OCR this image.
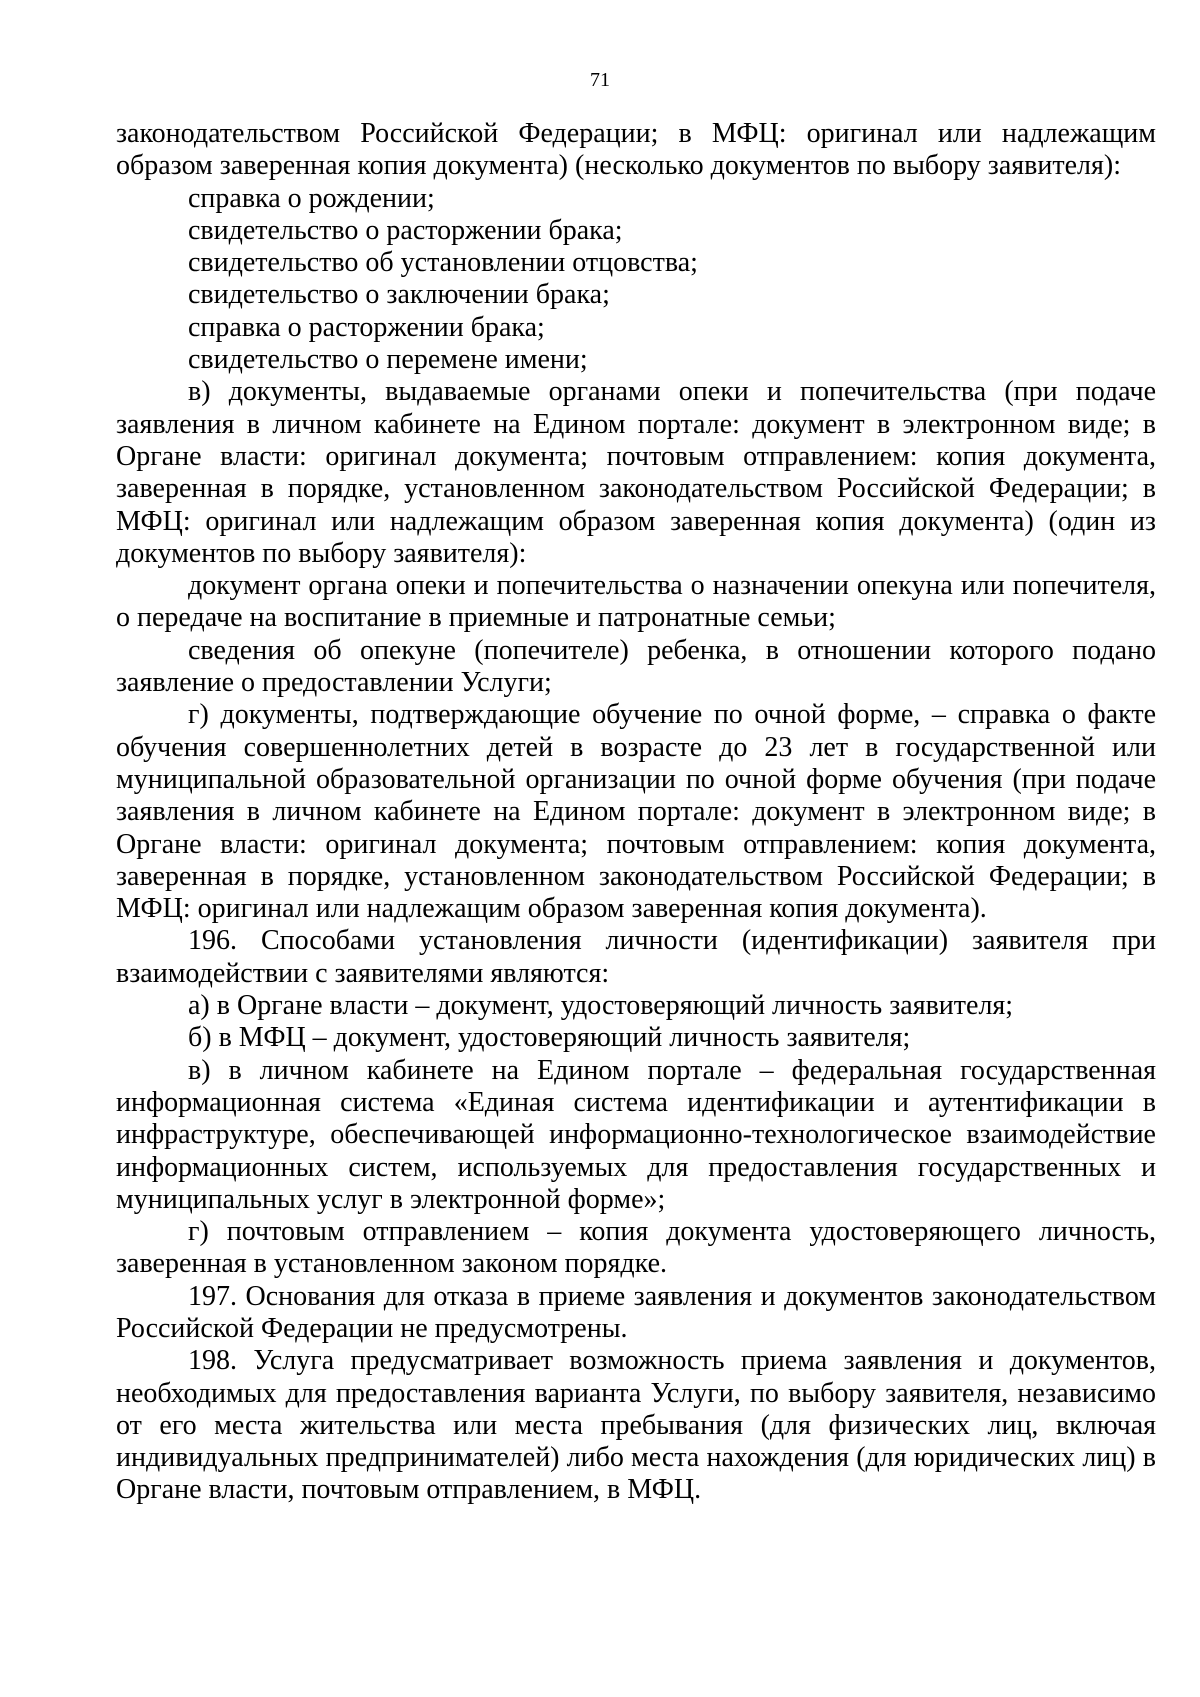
71

законодательством Российской Федерации; в МФЦ: оригинал или надлежащим образом заверенная копия документа) (несколько документов по выбору заявителя):

справка о рождении;

свидетельство о расторжении брака;

свидетельство об установлении отцовства;

свидетельство о заключении брака;

справка о расторжении брака;

свидетельство о перемене имени;

в) документы, выдаваемые органами опеки и попечительства (при подаче заявления в личном кабинете на Едином портале: документ в электронном виде; в Органе власти: оригинал документа; почтовым отправлением: копия документа, заверенная в порядке, установленном законодательством Российской Федерации; в МФЦ: оригинал или надлежащим образом заверенная копия документа) (один из документов по выбору заявителя):

документ органа опеки и попечительства о назначении опекуна или попечителя, о передаче на воспитание в приемные и патронатные семьи;

сведения об опекуне (попечителе) ребенка, в отношении которого подано заявление о предоставлении Услуги;

г) документы, подтверждающие обучение по очной форме, – справка о факте обучения совершеннолетних детей в возрасте до 23 лет в государственной или муниципальной образовательной организации по очной форме обучения (при подаче заявления в личном кабинете на Едином портале: документ в электронном виде; в Органе власти: оригинал документа; почтовым отправлением: копия документа, заверенная в порядке, установленном законодательством Российской Федерации; в МФЦ: оригинал или надлежащим образом заверенная копия документа).

196. Способами установления личности (идентификации) заявителя при взаимодействии с заявителями являются:

а) в Органе власти – документ, удостоверяющий личность заявителя;

б) в МФЦ – документ, удостоверяющий личность заявителя;

в) в личном кабинете на Едином портале – федеральная государственная информационная система «Единая система идентификации и аутентификации в инфраструктуре, обеспечивающей информационно-технологическое взаимодействие информационных систем, используемых для предоставления государственных и муниципальных услуг в электронной форме»;

г) почтовым отправлением – копия документа удостоверяющего личность, заверенная в установленном законом порядке.

197. Основания для отказа в приеме заявления и документов законодательством Российской Федерации не предусмотрены.

198. Услуга предусматривает возможность приема заявления и документов, необходимых для предоставления варианта Услуги, по выбору заявителя, независимо от его места жительства или места пребывания (для физических лиц, включая индивидуальных предпринимателей) либо места нахождения (для юридических лиц) в Органе власти, почтовым отправлением, в МФЦ.
